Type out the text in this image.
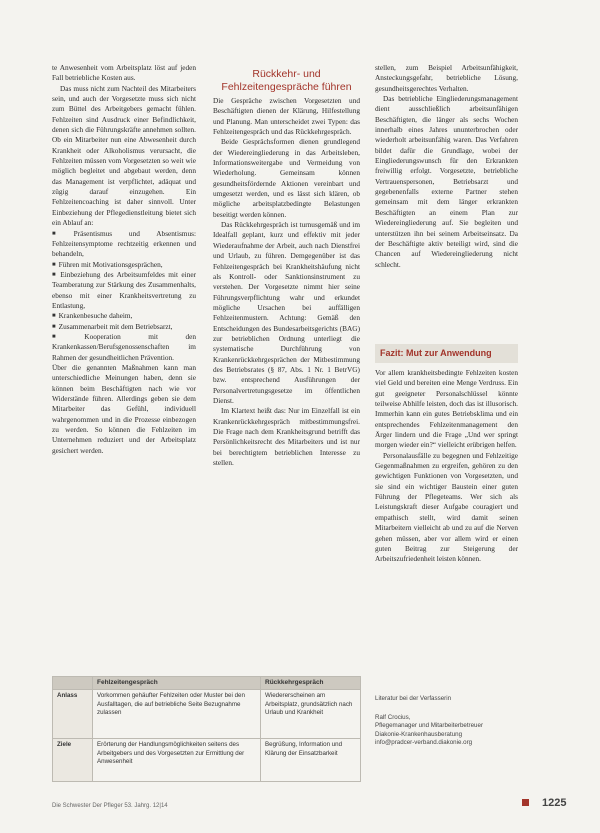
te Anwesenheit vom Arbeitsplatz löst auf jeden Fall betriebliche Kosten aus.

Das muss nicht zum Nachteil des Mitarbeiters sein, und auch der Vorgesetzte muss sich nicht zum Büttel des Arbeitgebers gemacht fühlen. Fehlzeiten sind Ausdruck einer Befindlichkeit, denen sich die Führungskräfte annehmen sollten. Ob ein Mitarbeiter nun eine Abwesenheit durch Krankheit oder Alkoholismus verursacht, die Fehlzeiten müssen vom Vorgesetzten so weit wie möglich begleitet und abgebaut werden, denn das Management ist verpflichtet, adäquat und zügig darauf einzugehen. Ein Fehlzeitencoaching ist daher sinnvoll. Unter Einbeziehung der Pflegedienstleitung bietet sich ein Ablauf an:

■ Präsentismus und Absentismus: Fehlzeitensymptome rechtzeitig erkennen und behandeln,
■ Führen mit Motivationsgesprächen,
■ Einbeziehung des Arbeitsumfeldes mit einer Teamberatung zur Stärkung des Zusammenhalts, ebenso mit einer Krankheitsvertretung zu Entlastung,
■ Krankenbesuche daheim,
■ Zusammenarbeit mit dem Betriebsarzt,
■ Kooperation mit den Krankenkassen/Berufsgenossenschaften im Rahmen der gesundheitlichen Prävention.

Über die genannten Maßnahmen kann man unterschiedliche Meinungen haben, denn sie können beim Beschäftigten nach wie vor Widerstände führen. Allerdings geben sie dem Mitarbeiter das Gefühl, individuell wahrgenommen und in die Prozesse einbezogen zu werden. So können die Fehlzeiten im Unternehmen reduziert und der Arbeitsplatz gesichert werden.

Rückkehr- und Fehlzeitengespräche führen

Die Gespräche zwischen Vorgesetzten und Beschäftigten dienen der Klärung, Hilfestellung und Planung. Man unterscheidet zwei Typen: das Fehlzeitengespräch und das Rückkehrgespräch.

Beide Gesprächsformen dienen grundlegend der Wiedereingliederung in das Arbeitsleben, Informationsweitergabe und Vermeidung von Wiederholung. Gemeinsam können gesundheitsfördernde Aktionen vereinbart und umgesetzt werden, und es lässt sich klären, ob mögliche arbeitsplatzbedingte Belastungen beseitigt werden können.

Das Rückkehrgespräch ist turnusgemäß und im Idealfall geplant, kurz und effektiv mit jeder Wiederaufnahme der Arbeit, auch nach Dienstfrei und Urlaub, zu führen. Demgegenüber ist das Fehlzeitengespräch bei Krankheitshäufung nicht als Kontroll- oder Sanktionsinstrument zu verstehen. Der Vorgesetzte nimmt hier seine Führungsverpflichtung wahr und erkundet mögliche Ursachen bei auffälligen Fehlzeitenmustern. Achtung: Gemäß den Entscheidungen des Bundesarbeitsgerichts (BAG) zur betrieblichen Ordnung unterliegt die systematische Durchführung von Krankenrückkehrgesprächen der Mitbestimmung des Betriebsrates (§ 87, Abs. 1 Nr. 1 BetrVG) bzw. entsprechend Ausführungen der Personalvertretungsgesetze im öffentlichen Dienst.

Im Klartext heißt das: Nur im Einzelfall ist ein Krankenrückkehrgespräch mitbestimmungsfrei. Die Frage nach dem Krankheitsgrund betrifft das Persönlichkeitsrecht des Mitarbeiters und ist nur bei berechtigtem betrieblichen Interesse zu stellen.

stellen, zum Beispiel Arbeitsunfähigkeit, Ansteckungsgefahr, betriebliche Lösung, gesundheitsgerechtes Verhalten.

Das betriebliche Eingliederungsmanagement dient ausschließlich arbeitsunfähigen Beschäftigten, die länger als sechs Wochen innerhalb eines Jahres ununterbrochen oder wiederholt arbeitsunfähig waren. Das Verfahren bildet dafür die Grundlage, wobei der Eingliederungswunsch für den Erkrankten freiwillig erfolgt. Vorgesetzte, betriebliche Vertrauenspersonen, Betriebsarzt und gegebenenfalls externe Partner stehen gemeinsam mit dem länger erkrankten Beschäftigten an einem Plan zur Wiedereingliederung auf. Sie begleiten und unterstützen ihn bei seinem Arbeitseinsatz. Da der Beschäftigte aktiv beteiligt wird, sind die Chancen auf Wiedereingliederung nicht schlecht.

Fazit: Mut zur Anwendung

Vor allem krankheitsbedingte Fehlzeiten kosten viel Geld und bereiten eine Menge Verdruss. Ein gut geeigneter Personalschlüssel könnte teilweise Abhilfe leisten, doch das ist illusorisch. Immerhin kann ein gutes Betriebsklima und ein entsprechendes Fehlzeitenmanagement den Ärger lindern und die Frage „Und wer springt morgen wieder ein?“ vielleicht erübrigen helfen.

Personalausfälle zu begegnen und Fehlzeitige Gegenmaßnahmen zu ergreifen, gehören zu den gewichtigen Funktionen von Vorgesetzten, und sie sind ein wichtiger Baustein einer guten Führung der Pflegeteams. Wer sich als Leistungskraft dieser Aufgabe couragiert und empathisch stellt, wird damit seinen Mitarbeitern vielleicht ab und zu auf die Nerven gehen müssen, aber vor allem wird er einen guten Beitrag zur Steigerung der Arbeitszufriedenheit leisten können.

	Fehlzeitengespräch	Rückkehrgespräch
Anlass	Vorkommen gehäufter Fehlzeiten oder Muster bei den Ausfalltagen, die auf betriebliche Seite Bezugnahme zulassen	Wiedererscheinen am Arbeitsplatz, grundsätzlich nach Urlaub und Krankheit
Ziele	Erörterung der Handlungsmöglichkeiten seitens des Arbeitgebers und des Vorgesetzten zur Ermittlung der Anwesenheit	Begrüßung, Information und Klärung der Einsatzbarkeit
Literatur bei der Verfasserin
Ralf Crocius,
Pflegemanager und Mitarbeiterbetreuer
Diakonie-Krankenhausberatung
info@pradcer-verband.diakonie.org
Die Schwester Der Pfleger 53. Jahrg. 12|14	1225
